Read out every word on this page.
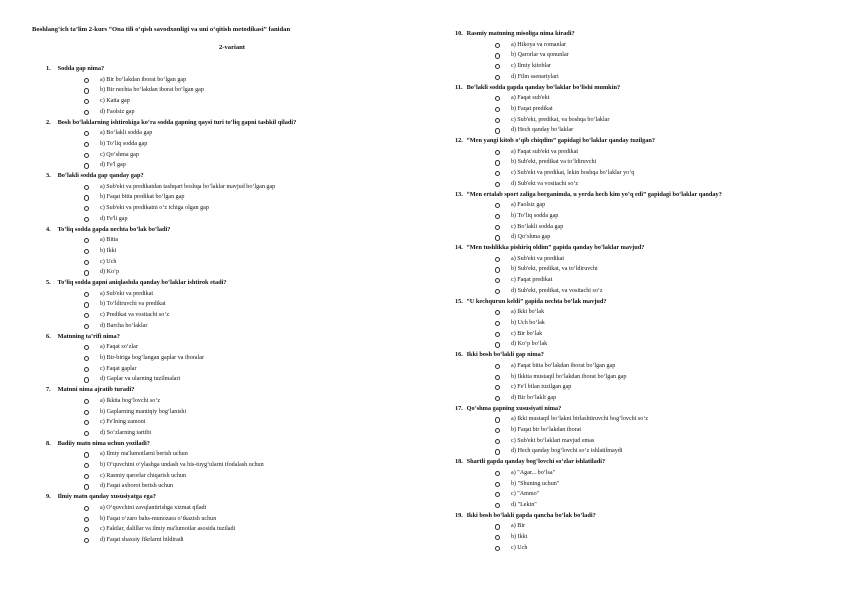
Boshlang‘ich ta’lim 2-kurs “Ona tili o‘qish savodxonligi va uni o‘qitish metodikasi” fanidan
2-variant
1. Sodda gap nima?
a) Bir bo‘lakdan iborat bo‘lgan gap
b) Bir nechta bo‘lakdan iborat bo‘lgan gap
c) Katta gap
d) Faolsiz gap
2. Bosh bo‘laklarning ishtirokiga ko‘ra sodda gapning qaysi turi to‘liq gapni tashkil qiladi?
a) Bo‘lakli sodda gap
b) To‘liq sodda gap
c) Qo‘shma gap
d) Fe'l gap
3. Bo‘lakli sodda gap qanday gap?
a) Sub'ekt va predikatdan tashqari boshqa bo‘laklar mavjud bo‘lgan gap
b) Faqat bitta predikat bo‘lgan gap
c) Sub'ekt va predikatni o‘z ichiga olgan gap
d) Fe'li gap
4. To‘liq sodda gapda nechta bo‘lak bo‘ladi?
a) Bitta
b) Ikki
c) Uch
d) Ko‘p
5. To‘liq sodda gapni aniqlashda qanday bo‘laklar ishtirok etadi?
a) Sub'ekt va predikat
b) To‘ldiruvchi va predikat
c) Predikat va vositachi so‘z
d) Barcha bo‘laklar
6. Matnning ta’rifi nima?
a) Faqat so‘zlar
b) Bir-biriga bog‘langan gaplar va iboralar
c) Faqat gaplar
d) Gaplar va ularning tuzilmalari
7. Matnni nima ajratib turadi?
a) Ikkita bog‘lovchi so‘z
b) Gaplarning mantiqiy bog‘lanishi
c) Fe'lning zamoni
d) So‘zlarning tartibi
8. Badiiy matn nima uchun yoziladi?
a) Ilmiy ma'lumotlarni berish uchun
b) O‘quvchini o‘ylashga undash va his-tuyg‘ularni ifodalash uchun
c) Rasmiy qarorlar chiqarish uchun
d) Faqat axborot berish uchun
9. Ilmiy matn qanday xususiyatga ega?
a) O‘quvchini zavqlantirishga xizmat qiladi
b) Faqat o‘zaro bahs-munozara o‘tkazish uchun
c) Faktlar, dalillar va ilmiy ma'lumotlar asosida tuziladi
d) Faqat shaxsiy fikrlarni bildiradi
10. Rasmiy matnning misoliga nima kiradi?
a) Hikoya va romanlar
b) Qarorlar va qonunlar
c) Ilmiy kitoblar
d) Film ssenariylari
11. Bo‘lakli sodda gapda qanday bo‘laklar bo‘lishi mumkin?
a) Faqat sub'ekt
b) Faqat predikat
c) Sub'ekt, predikat, va boshqa bo‘laklar
d) Hech qanday bo‘laklar
12. “Men yangi kitob o‘qib chiqdim” gapidagi bo‘laklar qanday tuzilgan?
a) Faqat sub'ekt va predikat
b) Sub'ekt, predikat va to‘ldiruvchi
c) Sub'ekt va predikat, lekin boshqa bo‘laklar yo‘q
d) Sub'ekt va vositachi so‘z
13. “Men ertalab sport zaliga borganimda, u yerda hech kim yo‘q edi” gapidagi bo‘laklar qanday?
a) Faolsiz gap
b) To‘liq sodda gap
c) Bo‘lakli sodda gap
d) Qo‘shma gap
14. “Men tushlikka pishiriq oldim” gapida qanday bo‘laklar mavjud?
a) Sub'ekt va predikat
b) Sub'ekt, predikat, va to‘ldiruvchi
c) Faqat predikat
d) Sub'ekt, predikat, va vositachi so‘z
15. “U kechqurun keldi” gapida nechta bo‘lak mavjud?
a) Ikki bo‘lak
b) Uch bo‘lak
c) Bir bo‘lak
d) Ko‘p bo‘lak
16. Ikki bosh bo‘lakli gap nima?
a) Faqat bitta bo‘lakdan iborat bo‘lgan gap
b) Ikkita mustaqil bo‘lakdan iborat bo‘lgan gap
c) Fe'l bilan tuzilgan gap
d) Bir bo‘lakli gap
17. Qo‘shma gapning xususiyati nima?
a) Ikki mustaqil bo‘lakni birlashtiruvchi bog‘lovchi so‘z
b) Faqat bir bo‘lakdan iborat
c) Sub'ekt bo‘laklari mavjud emas
d) Hech qanday bog‘lovchi so‘z ishlatilmaydi
18. Shartli gapda qanday bog‘lovchi so‘zlar ishlatiladi?
a) "Agar... bo‘lsa"
b) "Shuning uchun"
c) "Ammo"
d) "Lekin"
19. Ikki bosh bo‘lakli gapda qancha bo‘lak bo‘ladi?
a) Bir
b) Ikki
c) Uch
